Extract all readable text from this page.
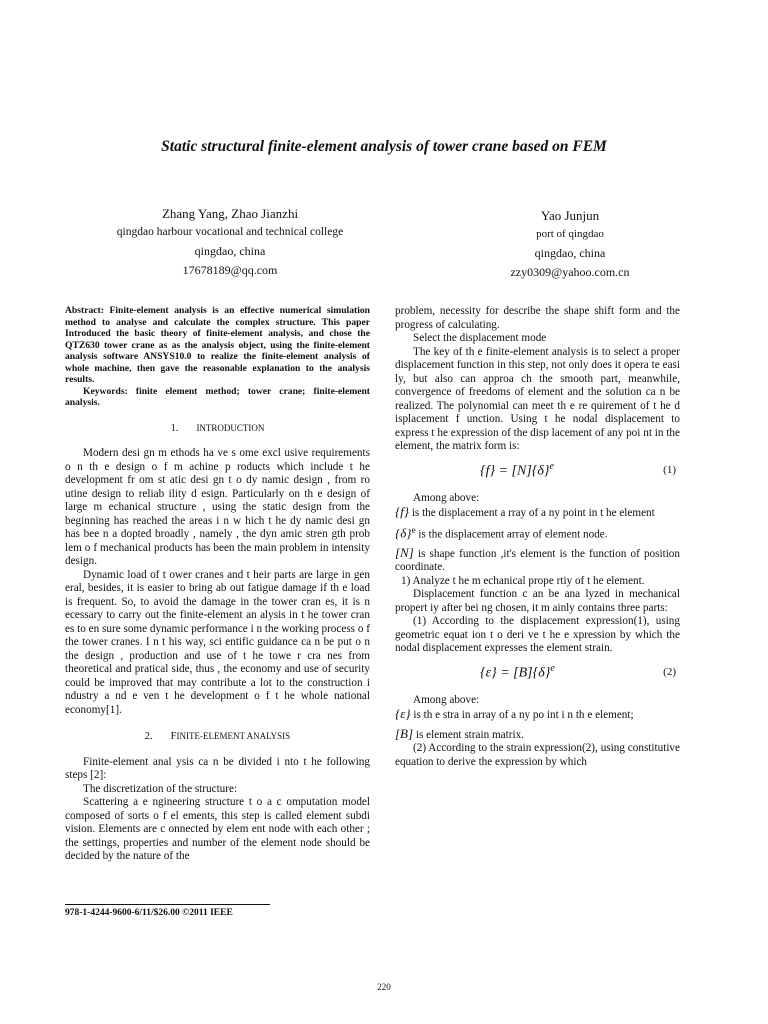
Static structural finite-element analysis of tower crane based on FEM
Zhang Yang, Zhao Jianzhi
qingdao harbour vocational and technical college
qingdao, china
17678189@qq.com
Yao Junjun
port of qingdao
qingdao, china
zzy0309@yahoo.com.cn

Abstract: Finite-element analysis is an effective numerical simulation method to analyse and calculate the complex structure. This paper Introduced the basic theory of finite-element analysis, and chose the QTZ630 tower crane as as the analysis object, using the finite-element analysis software ANSYS10.0 to realize the finite-element analysis of whole machine, then gave the reasonable explanation to the analysis results.

Keywords: finite element method; tower crane; finite-element analysis.

1. INTRODUCTION

Modern desi gn m ethods ha ve s ome excl usive requirements o n th e design o f m achine p roducts which include t he development fr om st atic desi gn t o dy namic design , from ro utine design to reliab ility d esign. Particularly on th e design of large m echanical structure , using the static design from the beginning has reached the areas i n w hich t he dy namic desi gn has bee n a dopted broadly , namely , the dyn amic stren gth prob lem o f mechanical products has been the main problem in intensity design.

Dynamic load of t ower cranes and t heir parts are large in gen eral, besides, it is easier to bring ab out fatigue damage if th e load is frequent. So, to avoid the damage in the tower cran es, it is n ecessary to carry out the finite-element an alysis in t he tower cran es to en sure some dynamic performance i n the working process o f the tower cranes. I n t his way, sci entific guidance ca n be put o n the design , production and use of t he towe r cra nes from theoretical and pratical side, thus , the economy and use of security could be improved that may contribute a lot to the construction i ndustry a nd e ven t he development o f t he whole national economy[1].

2. FINITE-ELEMENT ANALYSIS

Finite-element anal ysis ca n be divided i nto t he following steps [2]:

The discretization of the structure:

Scattering a e ngineering structure t o a c omputation model composed of sorts o f el ements, this step is called element subdi vision. Elements are c onnected by elem ent node with each other ; the settings, properties and number of the element node should be decided by the nature of the

problem, necessity for describe the shape shift form and the progress of calculating.

Select the displacement mode

The key of th e finite-element analysis is to select a proper displacement function in this step, not only does it opera te easi ly, but also can approa ch the smooth part, meanwhile, convergence of freedoms of element and the solution ca n be realized. The polynomial can meet th e re quirement of t he d isplacement f unction. Using t he nodal displacement to express t he expression of the disp lacement of any poi nt in the element, the matrix form is:

$\{f\} = [N]\{\delta\}^e$	(1)

Among above:

{f} is the displacement a rray of a ny point in t he element

$\{\delta\}^e$ is the displacement array of element node.

[N] is shape function ,it's element is the function of position coordinate.

1) Analyze t he m echanical prope rtiy of t he element.

Displacement function c an be ana lyzed in mechanical propert iy after bei ng chosen, it m ainly contains three parts:

(1) According to the displacement expression(1), using geometric equat ion t o deri ve t he e xpression by which the nodal displacement expresses the element strain.

$\{\varepsilon\} = [B]\{\delta\}^e$	(2)

Among above:

{ε} is th e stra in array of a ny po int i n th e element;

[B] is element strain matrix.

(2) According to the strain expression(2), using constitutive equation to derive the expression by which

978-1-4244-9600-6/11/$26.00 ©2011 IEEE
220
